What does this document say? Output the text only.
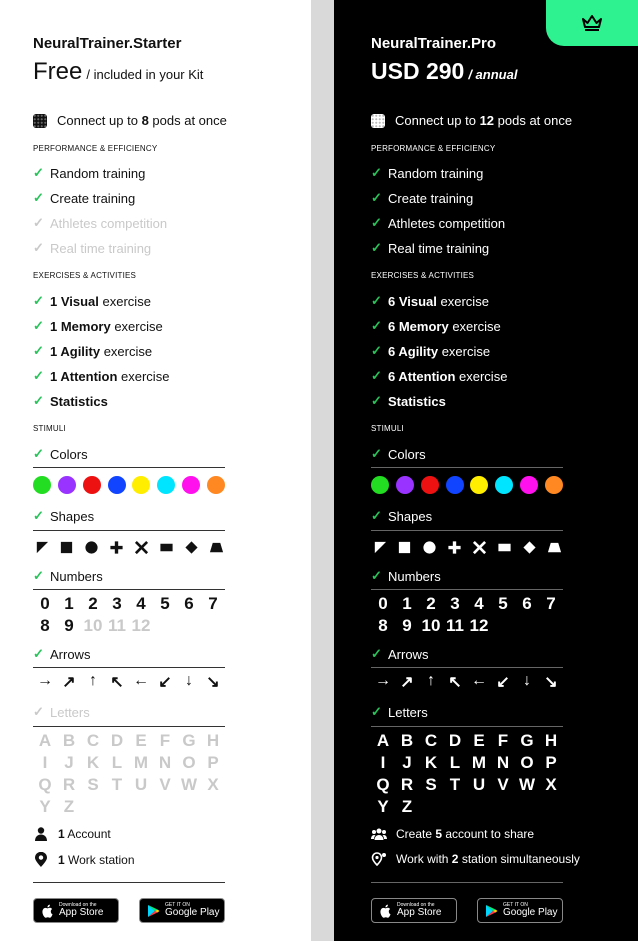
NeuralTrainer.Starter
Free / included in your Kit
Connect up to 8 pods at once
PERFORMANCE & EFFICIENCY
✓ Random training
✓ Create training
✓ Athletes competition
✓ Real time training
EXERCISES & ACTIVITIES
✓ 1 Visual exercise
✓ 1 Memory exercise
✓ 1 Agility exercise
✓ 1 Attention exercise
✓ Statistics
STIMULI
✓ Colors
✓ Shapes
✓ Numbers
0 1 2 3 4 5 6 7
8 9 10 11 12
✓ Arrows
→ ↗ ↑ ↖ ← ↙ ↓ ↘
✓ Letters
A B C D E F G H
I J K L M N O P
Q R S T U V W X
Y Z
1 Account
1 Work station
Download on the
App Store
GET IT ON
Google Play
NeuralTrainer.Pro
USD 290 / annual
Connect up to 12 pods at once
PERFORMANCE & EFFICIENCY
✓ Random training
✓ Create training
✓ Athletes competition
✓ Real time training
EXERCISES & ACTIVITIES
✓ 6 Visual exercise
✓ 6 Memory exercise
✓ 6 Agility exercise
✓ 6 Attention exercise
✓ Statistics
STIMULI
✓ Colors
✓ Shapes
✓ Numbers
0 1 2 3 4 5 6 7
8 9 10 11 12
✓ Arrows
→ ↗ ↑ ↖ ← ↙ ↓ ↘
✓ Letters
A B C D E F G H
I J K L M N O P
Q R S T U V W X
Y Z
Create 5 account to share
Work with 2 station simultaneously
Download on the
App Store
GET IT ON
Google Play
